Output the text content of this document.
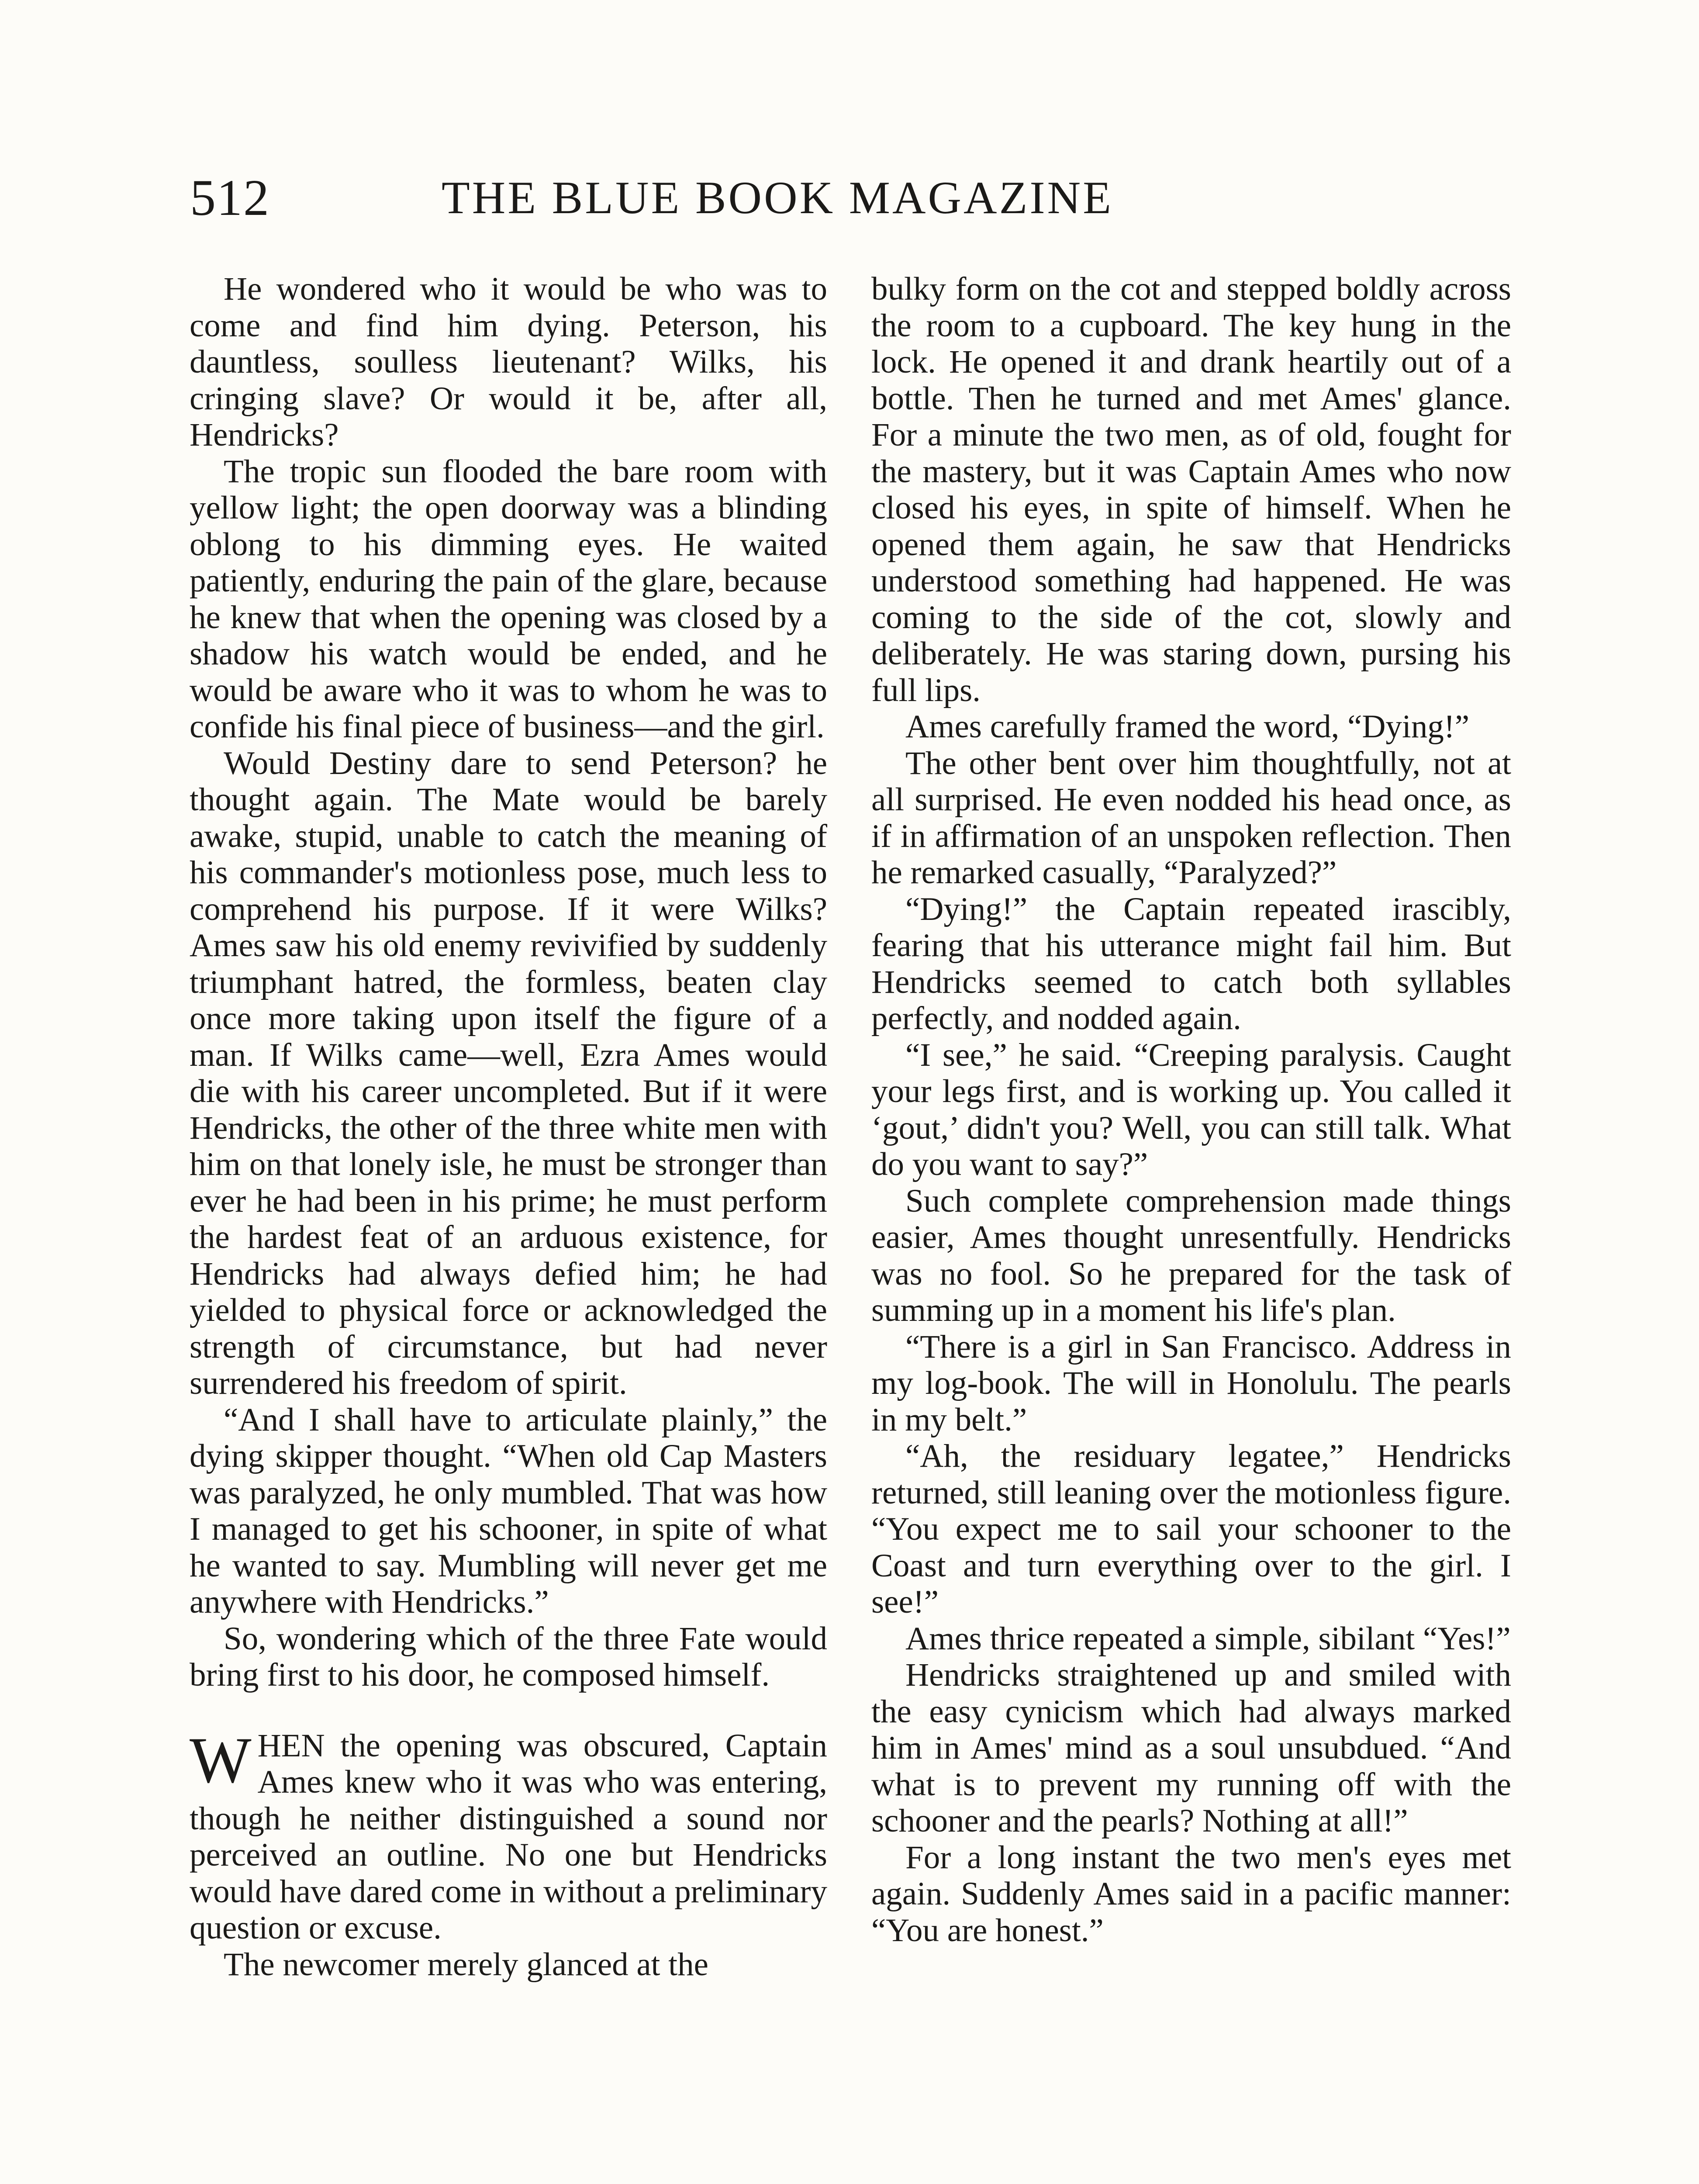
512	THE BLUE BOOK MAGAZINE

He wondered who it would be who was to come and find him dying. Peterson, his dauntless, soulless lieutenant? Wilks, his cringing slave? Or would it be, after all, Hendricks?

The tropic sun flooded the bare room with yellow light; the open doorway was a blinding oblong to his dimming eyes. He waited patiently, enduring the pain of the glare, because he knew that when the opening was closed by a shadow his watch would be ended, and he would be aware who it was to whom he was to confide his final piece of business—and the girl.

Would Destiny dare to send Peterson? he thought again. The Mate would be barely awake, stupid, unable to catch the meaning of his commander's motionless pose, much less to comprehend his purpose. If it were Wilks? Ames saw his old enemy revivified by suddenly triumphant hatred, the formless, beaten clay once more taking upon itself the figure of a man. If Wilks came—well, Ezra Ames would die with his career uncompleted. But if it were Hendricks, the other of the three white men with him on that lonely isle, he must be stronger than ever he had been in his prime; he must perform the hardest feat of an arduous existence, for Hendricks had always defied him; he had yielded to physical force or acknowledged the strength of circumstance, but had never surrendered his freedom of spirit.

“And I shall have to articulate plainly,” the dying skipper thought. “When old Cap Masters was paralyzed, he only mumbled. That was how I managed to get his schooner, in spite of what he wanted to say. Mumbling will never get me anywhere with Hendricks.”

So, wondering which of the three Fate would bring first to his door, he composed himself.

WHEN the opening was obscured, Captain Ames knew who it was who was entering, though he neither distinguished a sound nor perceived an outline. No one but Hendricks would have dared come in without a preliminary question or excuse.

The newcomer merely glanced at the

bulky form on the cot and stepped boldly across the room to a cupboard. The key hung in the lock. He opened it and drank heartily out of a bottle. Then he turned and met Ames' glance. For a minute the two men, as of old, fought for the mastery, but it was Captain Ames who now closed his eyes, in spite of himself. When he opened them again, he saw that Hendricks understood something had happened. He was coming to the side of the cot, slowly and deliberately. He was staring down, pursing his full lips.

Ames carefully framed the word, “Dying!”

The other bent over him thoughtfully, not at all surprised. He even nodded his head once, as if in affirmation of an unspoken reflection. Then he remarked casually, “Paralyzed?”

“Dying!” the Captain repeated irascibly, fearing that his utterance might fail him. But Hendricks seemed to catch both syllables perfectly, and nodded again.

“I see,” he said. “Creeping paralysis. Caught your legs first, and is working up. You called it ‘gout,’ didn't you? Well, you can still talk. What do you want to say?”

Such complete comprehension made things easier, Ames thought unresentfully. Hendricks was no fool. So he prepared for the task of summing up in a moment his life's plan.

“There is a girl in San Francisco. Address in my log-book. The will in Honolulu. The pearls in my belt.”

“Ah, the residuary legatee,” Hendricks returned, still leaning over the motionless figure. “You expect me to sail your schooner to the Coast and turn everything over to the girl. I see!”

Ames thrice repeated a simple, sibilant “Yes!”

Hendricks straightened up and smiled with the easy cynicism which had always marked him in Ames' mind as a soul unsubdued. “And what is to prevent my running off with the schooner and the pearls? Nothing at all!”

For a long instant the two men's eyes met again. Suddenly Ames said in a pacific manner: “You are honest.”
